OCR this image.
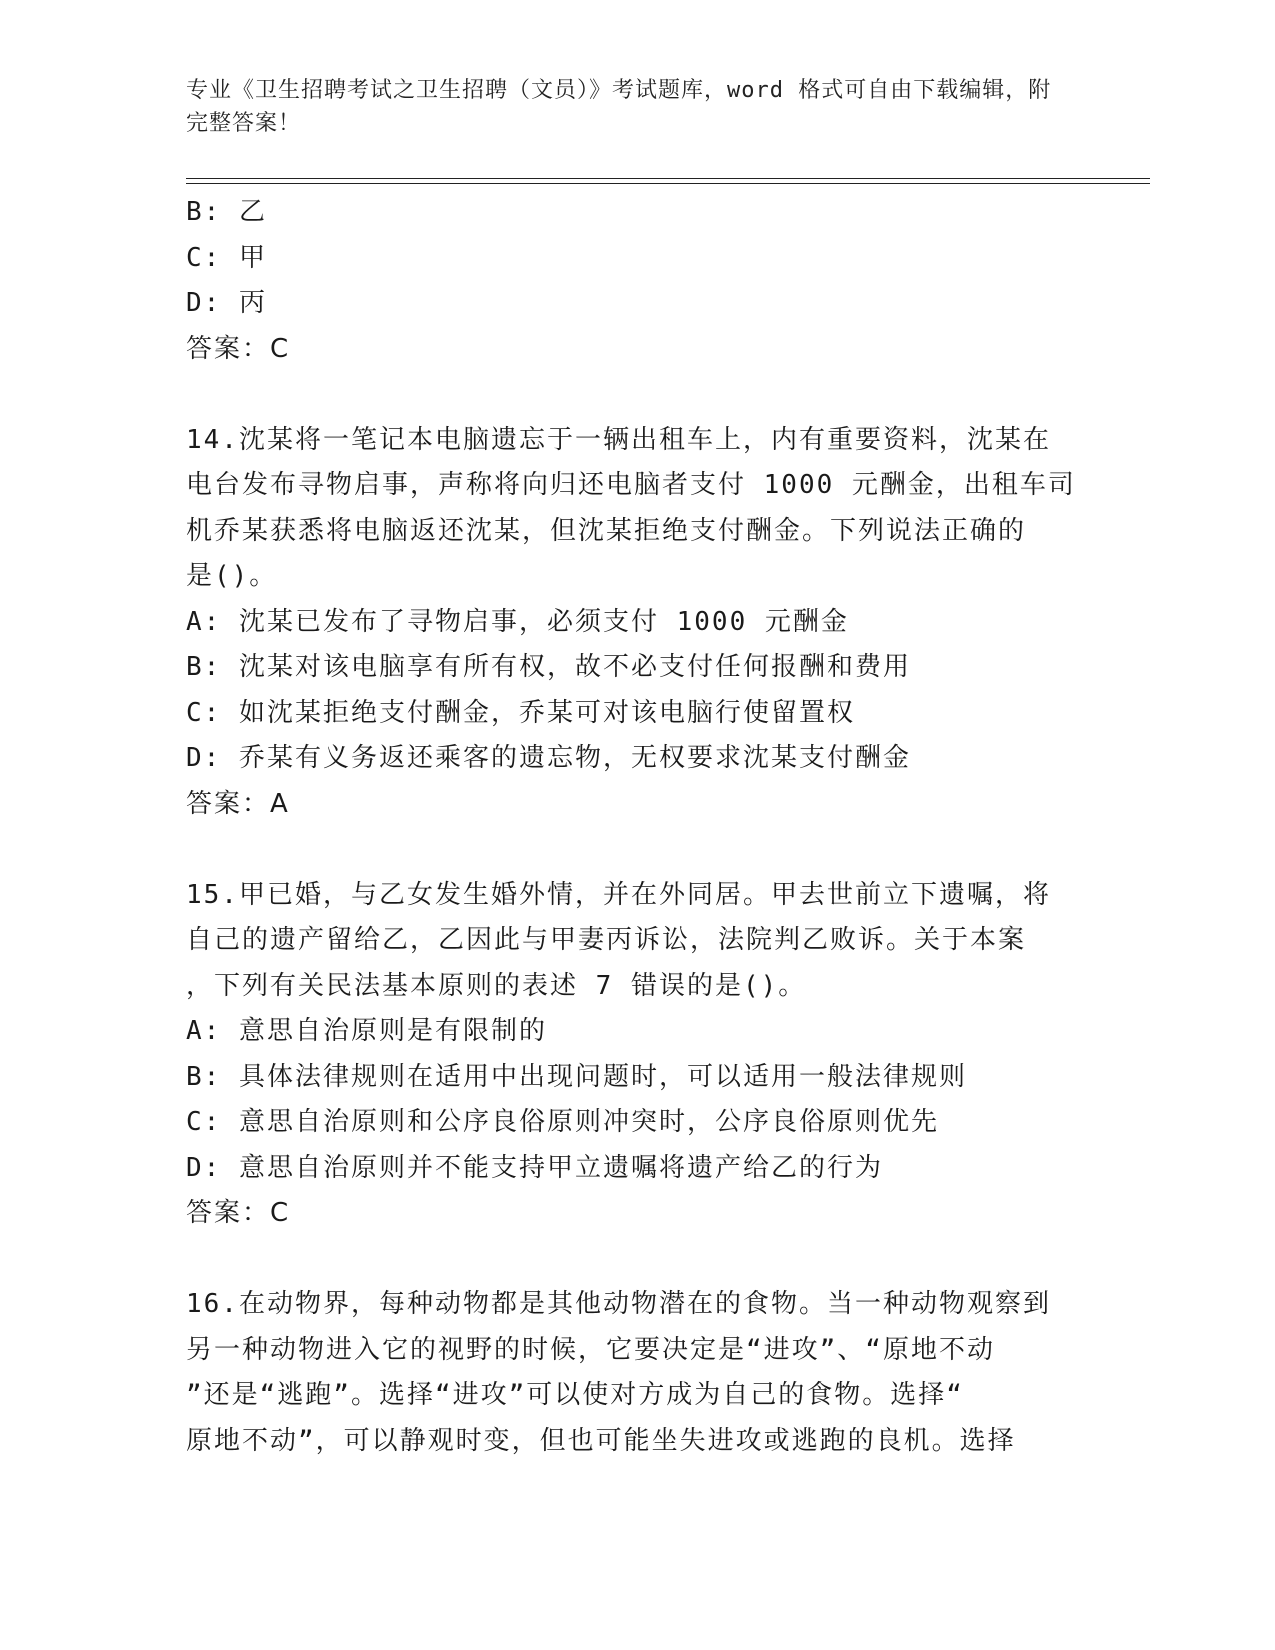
专业《卫生招聘考试之卫生招聘（文员）》考试题库，word 格式可自由下载编辑，附完整答案！
B: 乙
C: 甲
D: 丙
答案：C
14.沈某将一笔记本电脑遗忘于一辆出租车上，内有重要资料，沈某在
电台发布寻物启事，声称将向归还电脑者支付 1000 元酬金，出租车司
机乔某获悉将电脑返还沈某，但沈某拒绝支付酬金。下列说法正确的
是()。
A: 沈某已发布了寻物启事，必须支付 1000 元酬金
B: 沈某对该电脑享有所有权，故不必支付任何报酬和费用
C: 如沈某拒绝支付酬金，乔某可对该电脑行使留置权
D: 乔某有义务返还乘客的遗忘物，无权要求沈某支付酬金
答案：A
15.甲已婚，与乙女发生婚外情，并在外同居。甲去世前立下遗嘱，将
自己的遗产留给乙，乙因此与甲妻丙诉讼，法院判乙败诉。关于本案
，下列有关民法基本原则的表述 7 错误的是()。
A: 意思自治原则是有限制的
B: 具体法律规则在适用中出现问题时，可以适用一般法律规则
C: 意思自治原则和公序良俗原则冲突时，公序良俗原则优先
D: 意思自治原则并不能支持甲立遗嘱将遗产给乙的行为
答案：C
16.在动物界，每种动物都是其他动物潜在的食物。当一种动物观察到
另一种动物进入它的视野的时候，它要决定是“进攻”、“原地不动
”还是“逃跑”。选择“进攻”可以使对方成为自己的食物。选择“
原地不动”，可以静观时变，但也可能坐失进攻或逃跑的良机。选择
